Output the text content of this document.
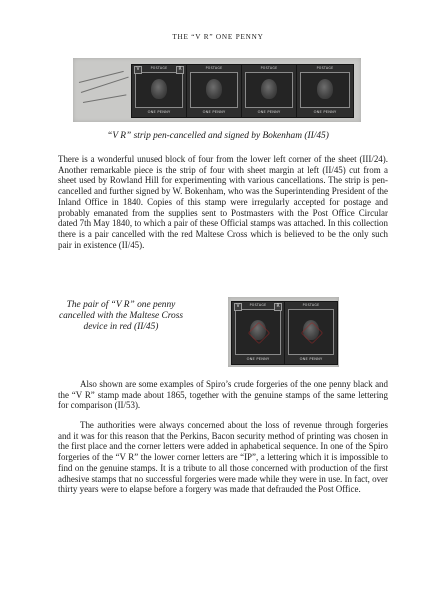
THE “V R” ONE PENNY
POSTAGE
V	R
ONE PENNY
POSTAGE
ONE PENNY
POSTAGE
ONE PENNY
POSTAGE
ONE PENNY
“V R” strip pen-cancelled and signed by Bokenham (II/45)

There is a wonderful unused block of four from the lower left corner of the sheet (III/24). Another remarkable piece is the strip of four with sheet margin at left (II/45) cut from a sheet used by Rowland Hill for experimenting with various cancellations. The strip is pen-cancelled and further signed by W. Bokenham, who was the Superintending President of the Inland Office in 1840. Copies of this stamp were irregularly accepted for postage and probably emanated from the supplies sent to Postmasters with the Post Office Circular dated 7th May 1840, to which a pair of these Official stamps was attached. In this collection there is a pair cancelled with the red Maltese Cross which is believed to be the only such pair in existence (II/45).

The pair of “V R” one penny cancelled with the Maltese Cross device in red (II/45)
POSTAGE
V	R
ONE PENNY
POSTAGE
ONE PENNY

Also shown are some examples of Spiro’s crude forgeries of the one penny black and the “V R” stamp made about 1865, together with the genuine stamps of the same lettering for comparison (II/53).

The authorities were always concerned about the loss of revenue through forgeries and it was for this reason that the Perkins, Bacon security method of printing was chosen in the first place and the corner letters were added in aphabetical sequence. In one of the Spiro forgeries of the “V R” the lower corner letters are “IP”, a lettering which it is impossible to find on the genuine stamps. It is a tribute to all those concerned with production of the first adhesive stamps that no successful forgeries were made while they were in use. In fact, over thirty years were to elapse before a forgery was made that defrauded the Post Office.
